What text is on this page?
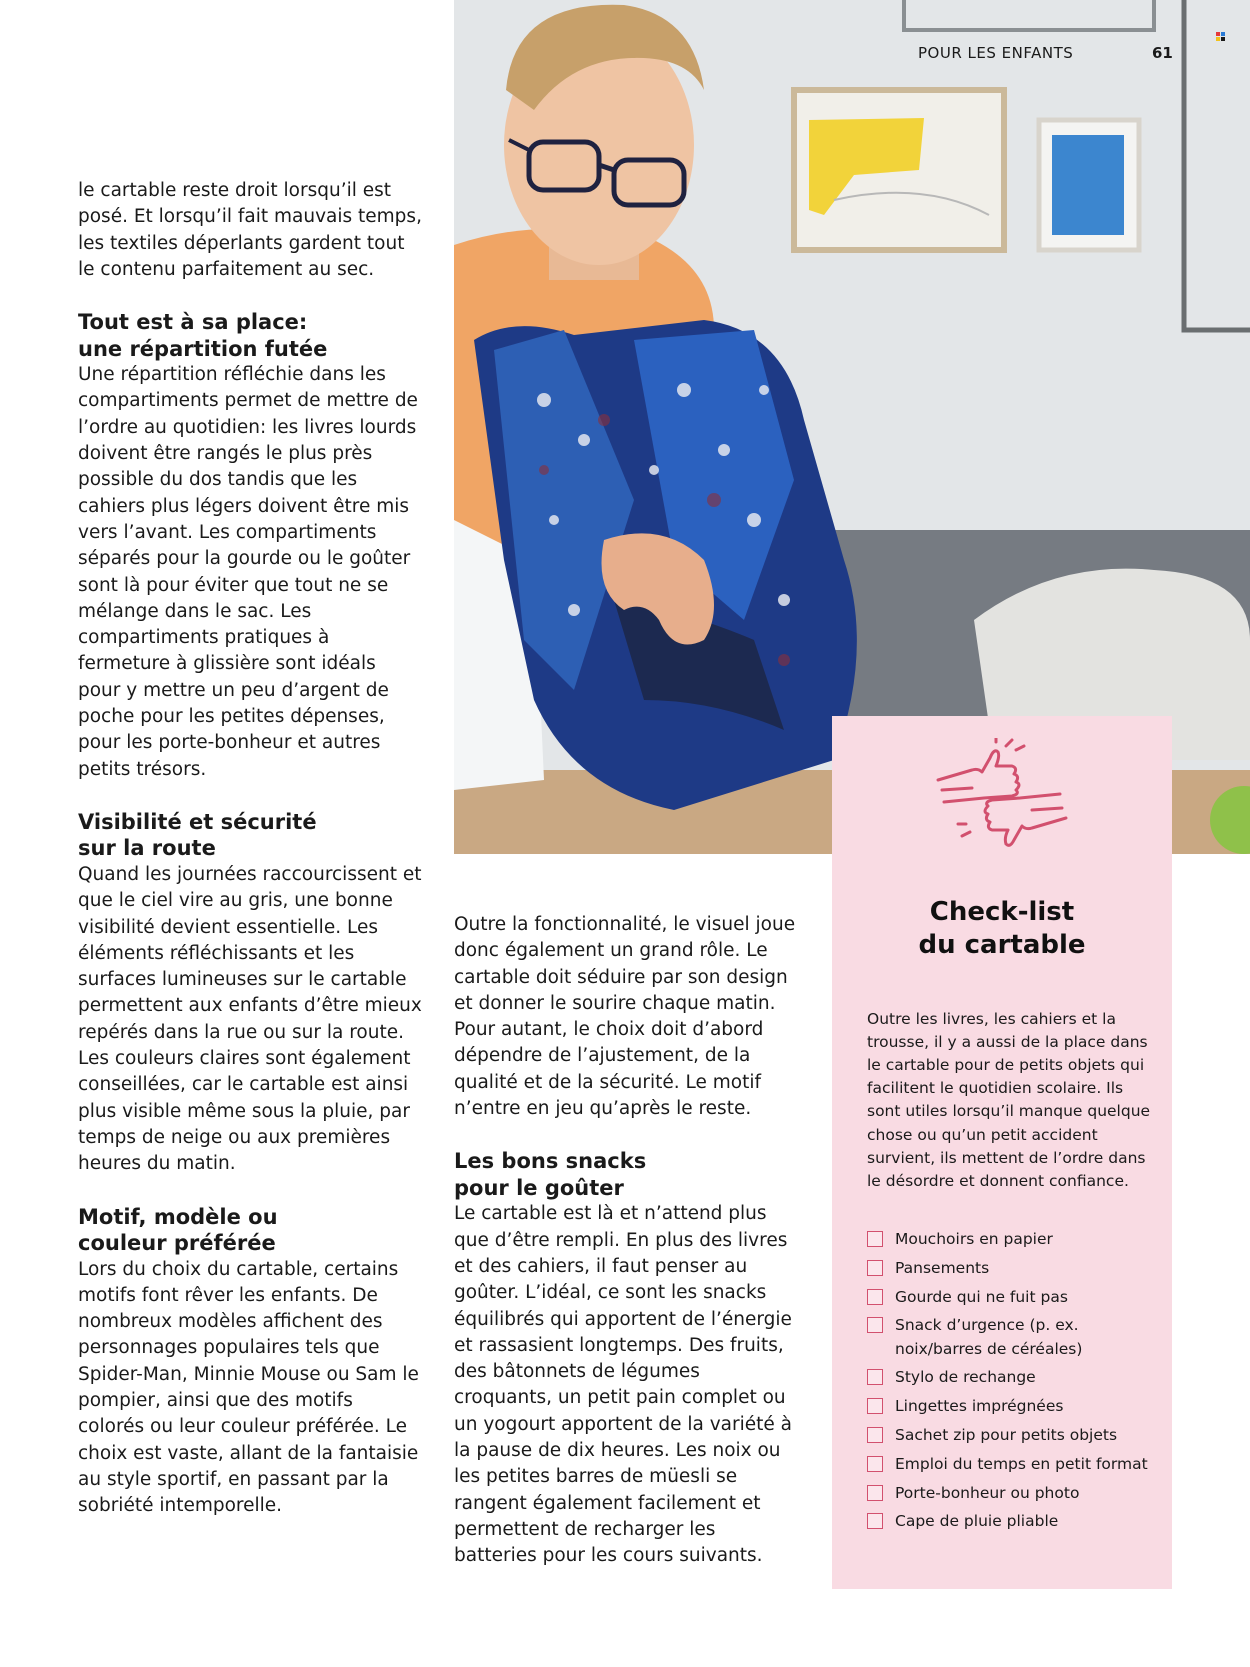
POUR LES ENFANTS	61

le cartable reste droit lorsqu’il est posé. Et lorsqu’il fait mauvais temps, les textiles déperlants gardent tout le contenu parfaitement au sec.

Tout est à sa place:
une répartition futée

Une répartition réfléchie dans les compartiments permet de mettre de l’ordre au quotidien: les livres lourds doivent être rangés le plus près possible du dos tandis que les cahiers plus légers doivent être mis vers l’avant. Les compartiments séparés pour la gourde ou le goûter sont là pour éviter que tout ne se mélange dans le sac. Les compartiments pratiques à fermeture à glissière sont idéals pour y mettre un peu d’argent de poche pour les petites dépenses, pour les porte-bonheur et autres petits trésors.

Visibilité et sécurité
sur la route

Quand les journées raccourcissent et que le ciel vire au gris, une bonne visibilité devient essentielle. Les éléments réfléchissants et les surfaces lumineuses sur le cartable permettent aux enfants d’être mieux repérés dans la rue ou sur la route. Les couleurs claires sont également conseillées, car le cartable est ainsi plus visible même sous la pluie, par temps de neige ou aux premières heures du matin.

Motif, modèle ou
couleur préférée

Lors du choix du cartable, certains motifs font rêver les enfants. De nombreux modèles affichent des personnages populaires tels que Spider-Man, Minnie Mouse ou Sam le pompier, ainsi que des motifs colorés ou leur couleur préférée. Le choix est vaste, allant de la fantaisie au style sportif, en passant par la sobriété intemporelle.

Outre la fonctionnalité, le visuel joue donc également un grand rôle. Le cartable doit séduire par son design et donner le sourire chaque matin. Pour autant, le choix doit d’abord dépendre de l’ajustement, de la qualité et de la sécurité. Le motif n’entre en jeu qu’après le reste.

Les bons snacks
pour le goûter

Le cartable est là et n’attend plus que d’être rempli. En plus des livres et des cahiers, il faut penser au goûter. L’idéal, ce sont les snacks équilibrés qui apportent de l’énergie et rassasient longtemps. Des fruits, des bâtonnets de légumes croquants, un petit pain complet ou un yogourt apportent de la variété à la pause de dix heures. Les noix ou les petites barres de müesli se rangent également facilement et permettent de recharger les batteries pour les cours suivants.

Check-list
du cartable

Outre les livres, les cahiers et la trousse, il y a aussi de la place dans le cartable pour de petits objets qui facilitent le quotidien scolaire. Ils sont utiles lorsqu’il manque quelque chose ou qu’un petit accident survient, ils mettent de l’ordre dans le désordre et donnent confiance.

Mouchoirs en papier
Pansements
Gourde qui ne fuit pas
Snack d’urgence (p. ex. noix/barres de céréales)
Stylo de rechange
Lingettes imprégnées
Sachet zip pour petits objets
Emploi du temps en petit format
Porte-bonheur ou photo
Cape de pluie pliable
